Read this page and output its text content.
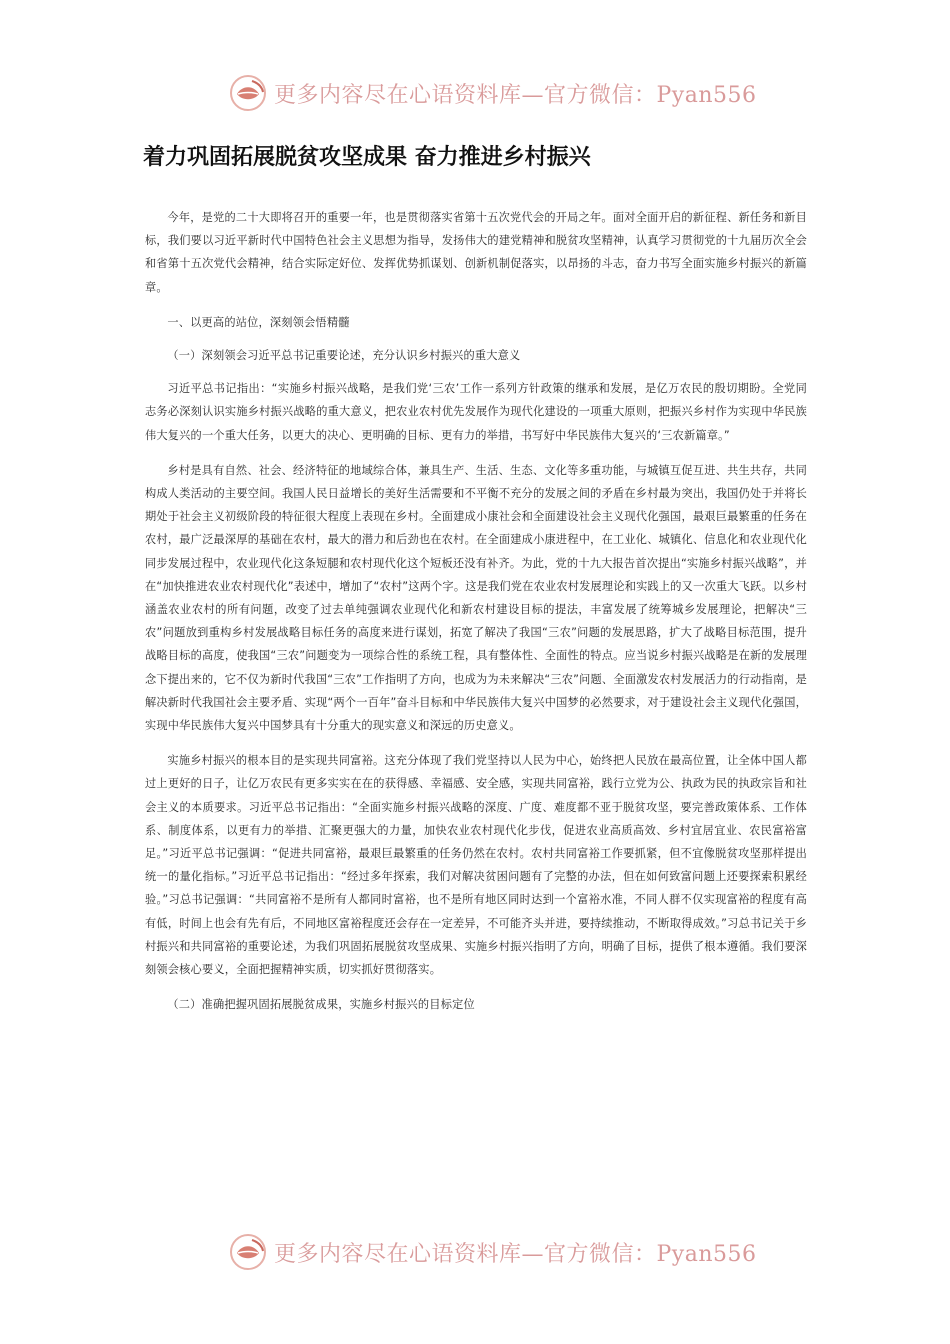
更多内容尽在心语资料库—官方微信：Pyan556
着力巩固拓展脱贫攻坚成果 奋力推进乡村振兴

今年，是党的二十大即将召开的重要一年，也是贯彻落实省第十五次党代会的开局之年。面对全面开启的新征程、新任务和新目标，我们要以习近平新时代中国特色社会主义思想为指导，发扬伟大的建党精神和脱贫攻坚精神，认真学习贯彻党的十九届历次全会和省第十五次党代会精神，结合实际定好位、发挥优势抓谋划、创新机制促落实，以昂扬的斗志，奋力书写全面实施乡村振兴的新篇章。

一、以更高的站位，深刻领会悟精髓

（一）深刻领会习近平总书记重要论述，充分认识乡村振兴的重大意义

习近平总书记指出：“实施乡村振兴战略，是我们党‘三农’工作一系列方针政策的继承和发展，是亿万农民的殷切期盼。全党同志务必深刻认识实施乡村振兴战略的重大意义，把农业农村优先发展作为现代化建设的一项重大原则，把振兴乡村作为实现中华民族伟大复兴的一个重大任务，以更大的决心、更明确的目标、更有力的举措，书写好中华民族伟大复兴的‘三农新篇章。”

乡村是具有自然、社会、经济特征的地域综合体，兼具生产、生活、生态、文化等多重功能，与城镇互促互进、共生共存，共同构成人类活动的主要空间。我国人民日益增长的美好生活需要和不平衡不充分的发展之间的矛盾在乡村最为突出，我国仍处于并将长期处于社会主义初级阶段的特征很大程度上表现在乡村。全面建成小康社会和全面建设社会主义现代化强国，最艰巨最繁重的任务在农村，最广泛最深厚的基础在农村，最大的潜力和后劲也在农村。在全面建成小康进程中，在工业化、城镇化、信息化和农业现代化同步发展过程中，农业现代化这条短腿和农村现代化这个短板还没有补齐。为此，党的十九大报告首次提出“实施乡村振兴战略”，并在“加快推进农业农村现代化”表述中，增加了“农村”这两个字。这是我们党在农业农村发展理论和实践上的又一次重大飞跃。以乡村涵盖农业农村的所有问题，改变了过去单纯强调农业现代化和新农村建设目标的提法，丰富发展了统筹城乡发展理论，把解决“三农”问题放到重构乡村发展战略目标任务的高度来进行谋划，拓宽了解决了我国“三农”问题的发展思路，扩大了战略目标范围，提升战略目标的高度，使我国“三农”问题变为一项综合性的系统工程，具有整体性、全面性的特点。应当说乡村振兴战略是在新的发展理念下提出来的，它不仅为新时代我国“三农”工作指明了方向，也成为为未来解决“三农”问题、全面激发农村发展活力的行动指南，是解决新时代我国社会主要矛盾、实现“两个一百年”奋斗目标和中华民族伟大复兴中国梦的必然要求，对于建设社会主义现代化强国，实现中华民族伟大复兴中国梦具有十分重大的现实意义和深远的历史意义。

实施乡村振兴的根本目的是实现共同富裕。这充分体现了我们党坚持以人民为中心，始终把人民放在最高位置，让全体中国人都过上更好的日子，让亿万农民有更多实实在在的获得感、幸福感、安全感，实现共同富裕，践行立党为公、执政为民的执政宗旨和社会主义的本质要求。习近平总书记指出：“全面实施乡村振兴战略的深度、广度、难度都不亚于脱贫攻坚，要完善政策体系、工作体系、制度体系，以更有力的举措、汇聚更强大的力量，加快农业农村现代化步伐，促进农业高质高效、乡村宜居宜业、农民富裕富足。”习近平总书记强调：“促进共同富裕，最艰巨最繁重的任务仍然在农村。农村共同富裕工作要抓紧，但不宜像脱贫攻坚那样提出统一的量化指标。”习近平总书记指出：“经过多年探索，我们对解决贫困问题有了完整的办法，但在如何致富问题上还要探索积累经验。”习总书记强调：“共同富裕不是所有人都同时富裕，也不是所有地区同时达到一个富裕水准，不同人群不仅实现富裕的程度有高有低，时间上也会有先有后，不同地区富裕程度还会存在一定差异，不可能齐头并进，要持续推动，不断取得成效。”习总书记关于乡村振兴和共同富裕的重要论述，为我们巩固拓展脱贫攻坚成果、实施乡村振兴指明了方向，明确了目标，提供了根本遵循。我们要深刻领会核心要义，全面把握精神实质，切实抓好贯彻落实。

（二）准确把握巩固拓展脱贫成果，实施乡村振兴的目标定位

更多内容尽在心语资料库—官方微信：Pyan556
